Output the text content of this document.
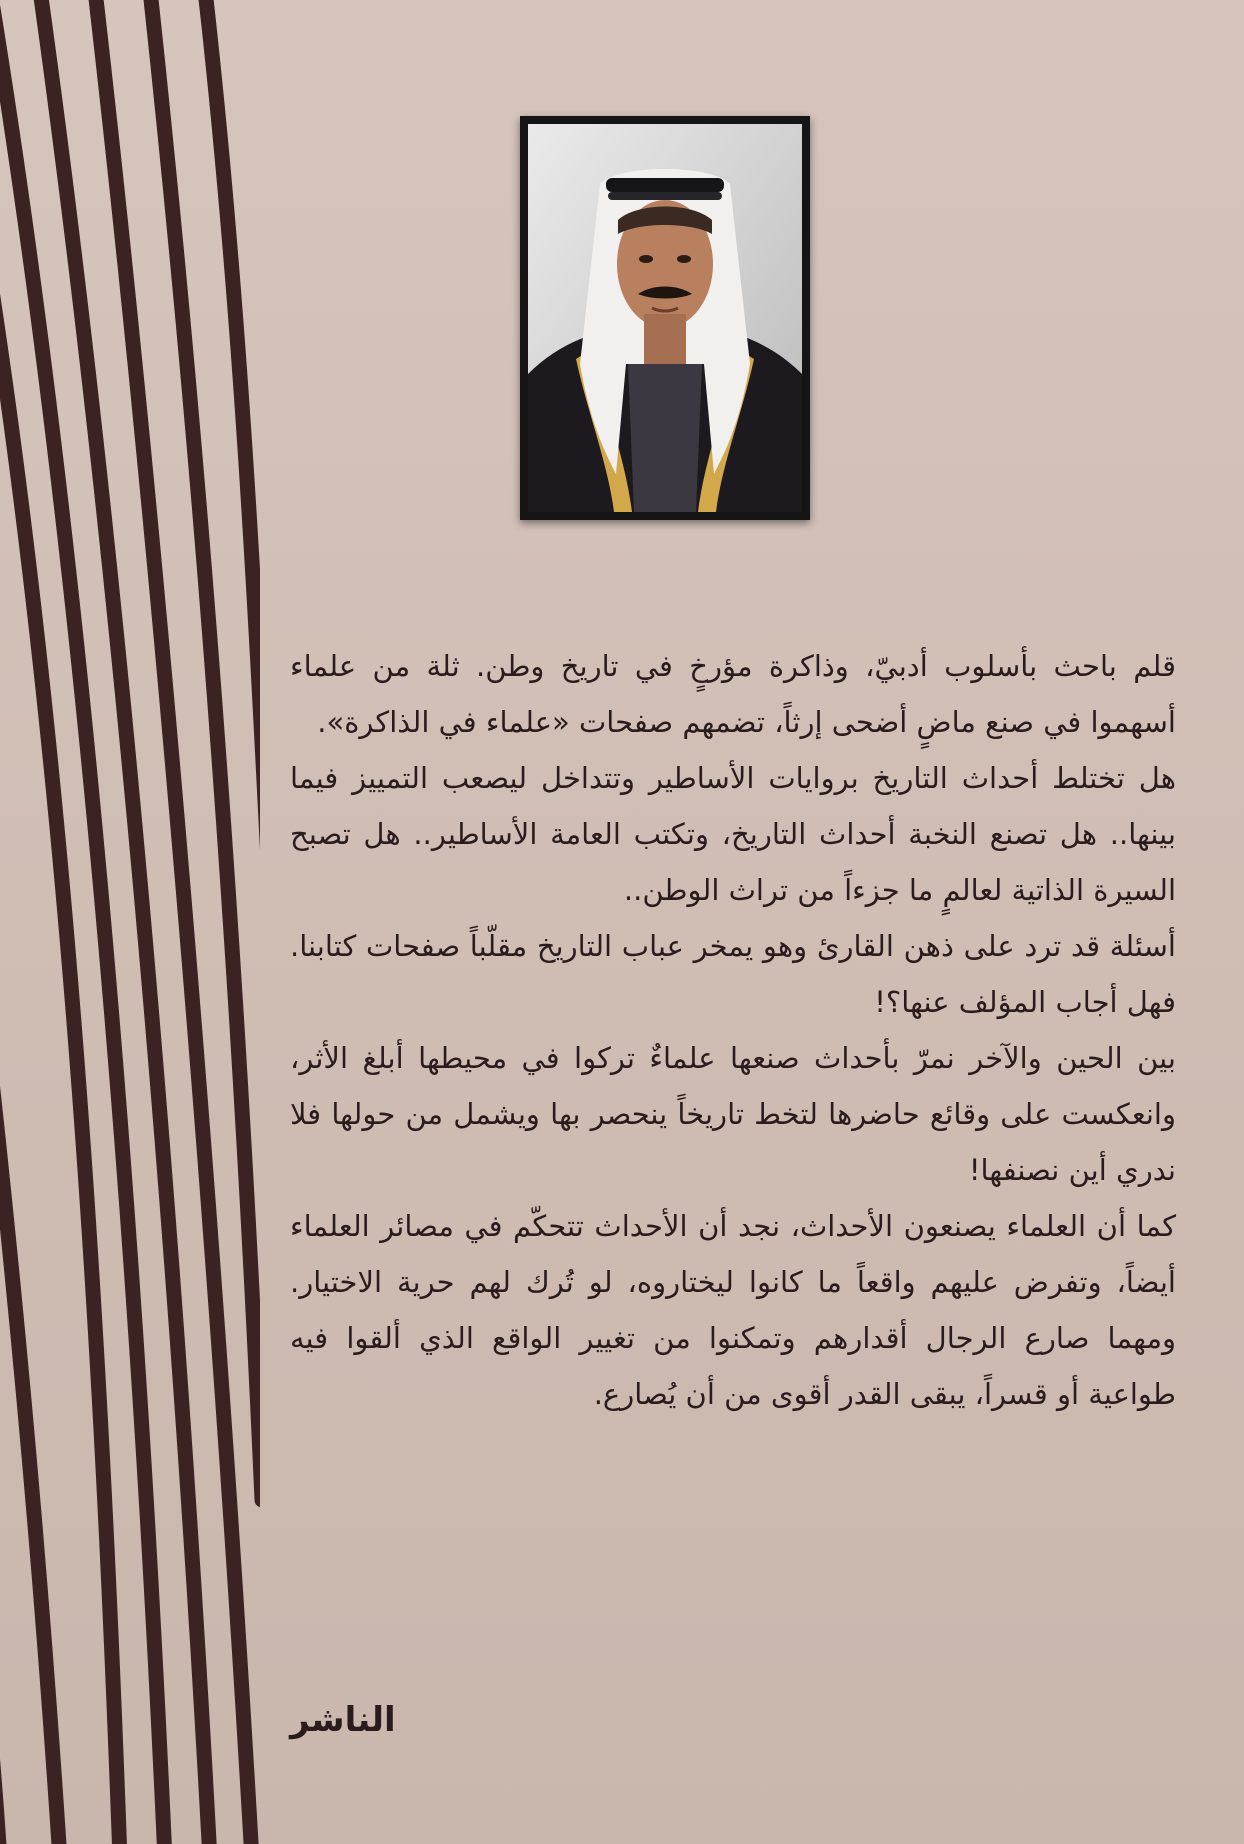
قلم باحث بأسلوب أدبيّ، وذاكرة مؤرخٍ في تاريخ وطن. ثلة من علماء أسهموا في صنع ماضٍ أضحى إرثاً، تضمهم صفحات «علماء في الذاكرة».

هل تختلط أحداث التاريخ بروايات الأساطير وتتداخل ليصعب التمييز فيما بينها.. هل تصنع النخبة أحداث التاريخ، وتكتب العامة الأساطير.. هل تصبح السيرة الذاتية لعالمٍ ما جزءاً من تراث الوطن..

أسئلة قد ترد على ذهن القارئ وهو يمخر عباب التاريخ مقلّباً صفحات كتابنا. فهل أجاب المؤلف عنها؟!

بين الحين والآخر نمرّ بأحداث صنعها علماءٌ تركوا في محيطها أبلغ الأثر، وانعكست على وقائع حاضرها لتخط تاريخاً ينحصر بها ويشمل من حولها فلا ندري أين نصنفها!

كما أن العلماء يصنعون الأحداث، نجد أن الأحداث تتحكّم في مصائر العلماء أيضاً، وتفرض عليهم واقعاً ما كانوا ليختاروه، لو تُرك لهم حرية الاختيار. ومهما صارع الرجال أقدارهم وتمكنوا من تغيير الواقع الذي ألقوا فيه طواعية أو قسراً، يبقى القدر أقوى من أن يُصارع.

الناشر
